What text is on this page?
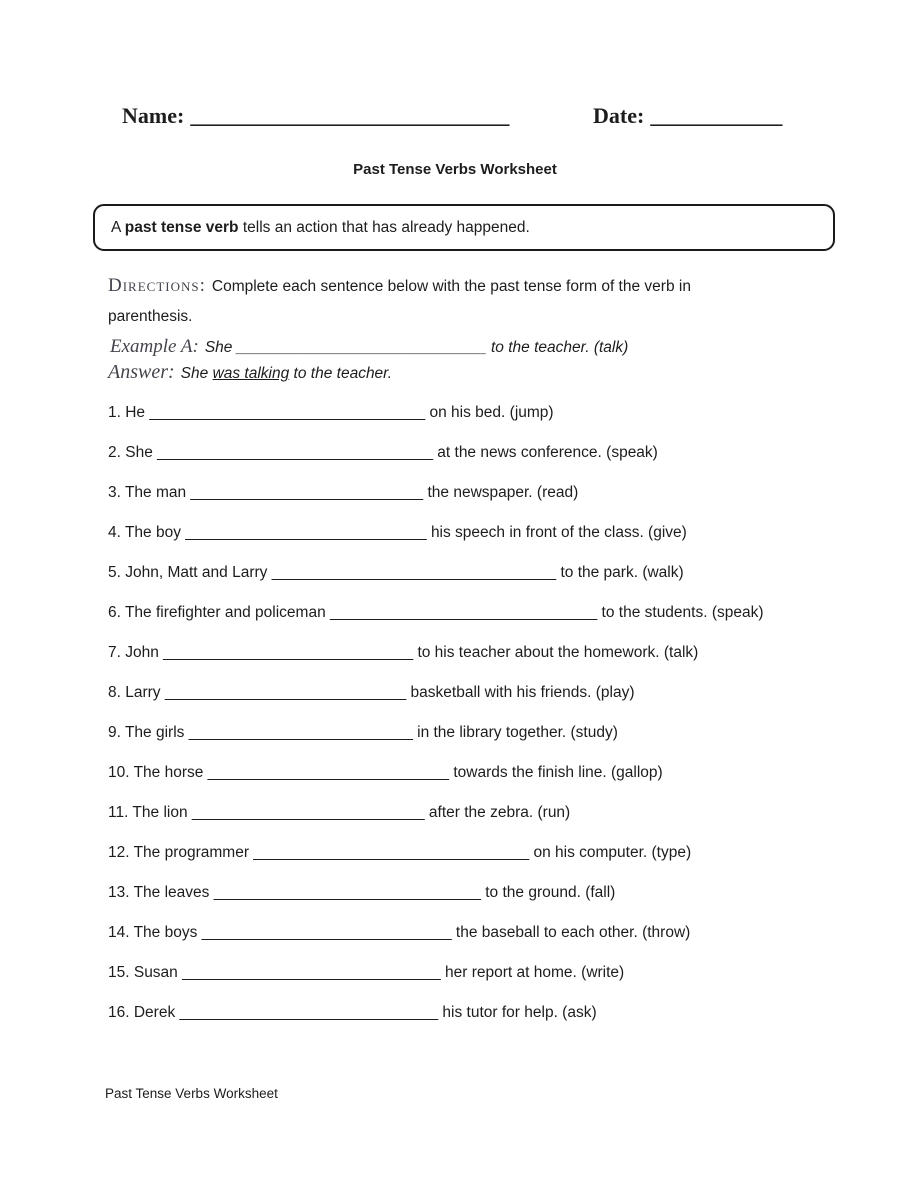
Name: _____________________________	Date: ____________
Past Tense Verbs Worksheet
A past tense verb tells an action that has already happened.
Directions: Complete each sentence below with the past tense form of the verb in parenthesis.
Example A: She _____________________________ to the teacher. (talk)
Answer: She was talking to the teacher.
1. He ________________________________ on his bed. (jump)
2. She ________________________________ at the news conference. (speak)
3. The man ___________________________ the newspaper. (read)
4. The boy ____________________________ his speech in front of the class. (give)
5. John, Matt and Larry _________________________________ to the park. (walk)
6. The firefighter and policeman _______________________________ to the students. (speak)
7. John _____________________________ to his teacher about the homework. (talk)
8. Larry ____________________________ basketball with his friends. (play)
9. The girls __________________________ in the library together. (study)
10. The horse ____________________________ towards the finish line. (gallop)
11. The lion ___________________________ after the zebra. (run)
12. The programmer ________________________________ on his computer. (type)
13. The leaves _______________________________ to the ground. (fall)
14. The boys _____________________________ the baseball to each other. (throw)
15. Susan ______________________________ her report at home. (write)
16. Derek ______________________________ his tutor for help. (ask)
Past Tense Verbs Worksheet
